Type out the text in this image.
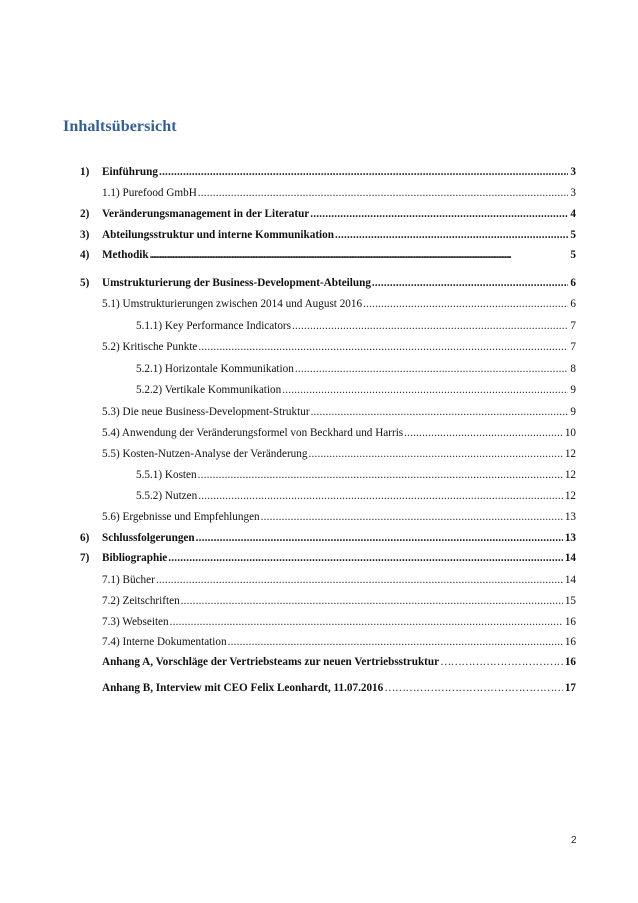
Inhaltsübersicht
1)	Einführung .....	3
1.1) Purefood GmbH .....	3
2)	Veränderungsmanagement in der Literatur .....	4
3)	Abteilungsstruktur und interne Kommunikation .....	5
4)	Methodik .....	5
5)	Umstrukturierung der Business-Development-Abteilung .....	6
5.1) Umstrukturierungen zwischen 2014 und August 2016 .....	6
5.1.1) Key Performance Indicators .....	7
5.2) Kritische Punkte .....	7
5.2.1) Horizontale Kommunikation .....	8
5.2.2) Vertikale Kommunikation .....	9
5.3) Die neue Business-Development-Struktur .....	9
5.4) Anwendung der Veränderungsformel von Beckhard und Harris .....	10
5.5) Kosten-Nutzen-Analyse der Veränderung .....	12
5.5.1) Kosten .....	12
5.5.2) Nutzen .....	12
5.6) Ergebnisse und Empfehlungen .....	13
6)	Schlussfolgerungen .....	13
7)	Bibliographie .....	14
7.1) Bücher .....	14
7.2) Zeitschriften .....	15
7.3) Webseiten .....	16
7.4) Interne Dokumentation .....	16
Anhang A, Vorschläge der Vertriebsteams zur neuen Vertriebsstruktur …………………………………………………………………………………………………………………………	16
Anhang B, Interview mit CEO Felix Leonhardt, 11.07.2016 …………………………………………………………………………………………………………………………	17
2
